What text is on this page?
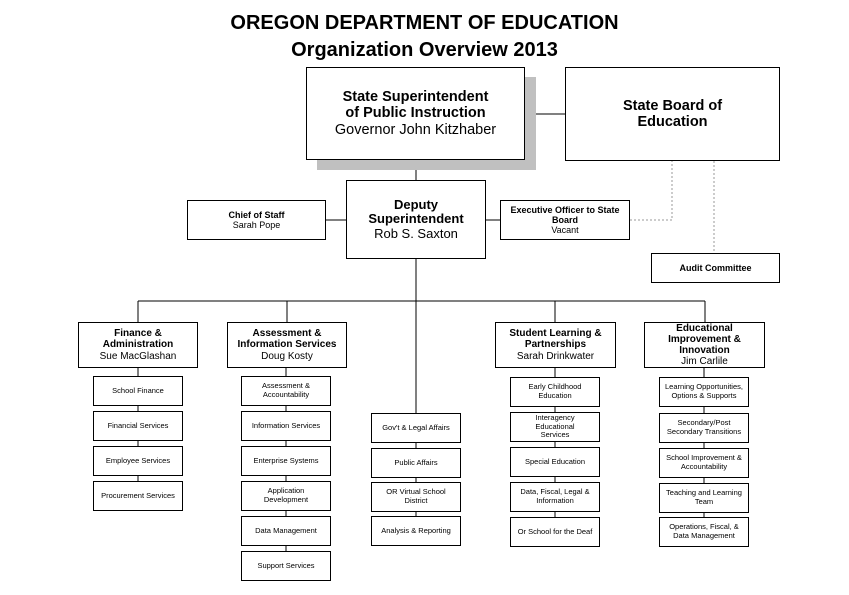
OREGON DEPARTMENT OF EDUCATION
Organization Overview 2013
State Superintendent
of Public Instruction
Governor John Kitzhaber
State Board of
Education
Deputy
Superintendent
Rob S. Saxton
Chief of Staff
Sarah Pope
Executive Officer to State
Board
Vacant
Audit Committee
Finance &
Administration
Sue MacGlashan
Assessment &
Information Services
Doug Kosty
Student Learning &
Partnerships
Sarah Drinkwater
Educational
Improvement &
Innovation
Jim Carlile
School Finance
Financial Services
Employee Services
Procurement Services
Assessment &
Accountability
Information Services
Enterprise Systems
Application Development
Data Management
Support Services
Gov't & Legal Affairs
Public Affairs
OR Virtual School
District
Analysis & Reporting
Early Childhood
Education
Interagency Educational
Services
Special Education
Data, Fiscal, Legal &
Information
Or School for the Deaf
Learning Opportunities,
Options & Supports
Secondary/Post
Secondary Transitions
School Improvement &
Accountability
Teaching and Learning
Team
Operations, Fiscal, &
Data Management
